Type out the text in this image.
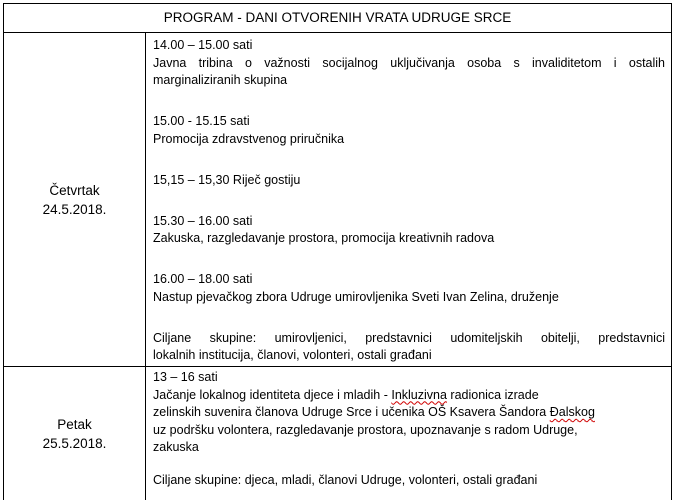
PROGRAM - DANI OTVORENIH VRATA UDRUGE SRCE
Četvrtak
24.5.2018.
14.00 – 15.00 sati
Javna tribina o važnosti socijalnog uključivanja osoba s invaliditetom i ostalih
marginaliziranih skupina
15.00 - 15.15 sati
Promocija zdravstvenog priručnika
15,15 – 15,30 Riječ gostiju
15.30 – 16.00 sati
Zakuska, razgledavanje prostora, promocija kreativnih radova
16.00 – 18.00 sati
Nastup pjevačkog zbora Udruge umirovljenika Sveti Ivan Zelina, druženje
Ciljane skupine: umirovljenici, predstavnici udomiteljskih obitelji, predstavnici
lokalnih institucija, članovi, volonteri, ostali građani
Petak
25.5.2018.
13 – 16 sati
Jačanje lokalnog identiteta djece i mladih - Inkluzivna radionica izrade
zelinskih suvenira članova Udruge Srce i učenika OŠ Ksavera Šandora Đalskog
uz podršku volontera, razgledavanje prostora, upoznavanje s radom Udruge,
zakuska
Ciljane skupine: djeca, mladi, članovi Udruge, volonteri, ostali građani
